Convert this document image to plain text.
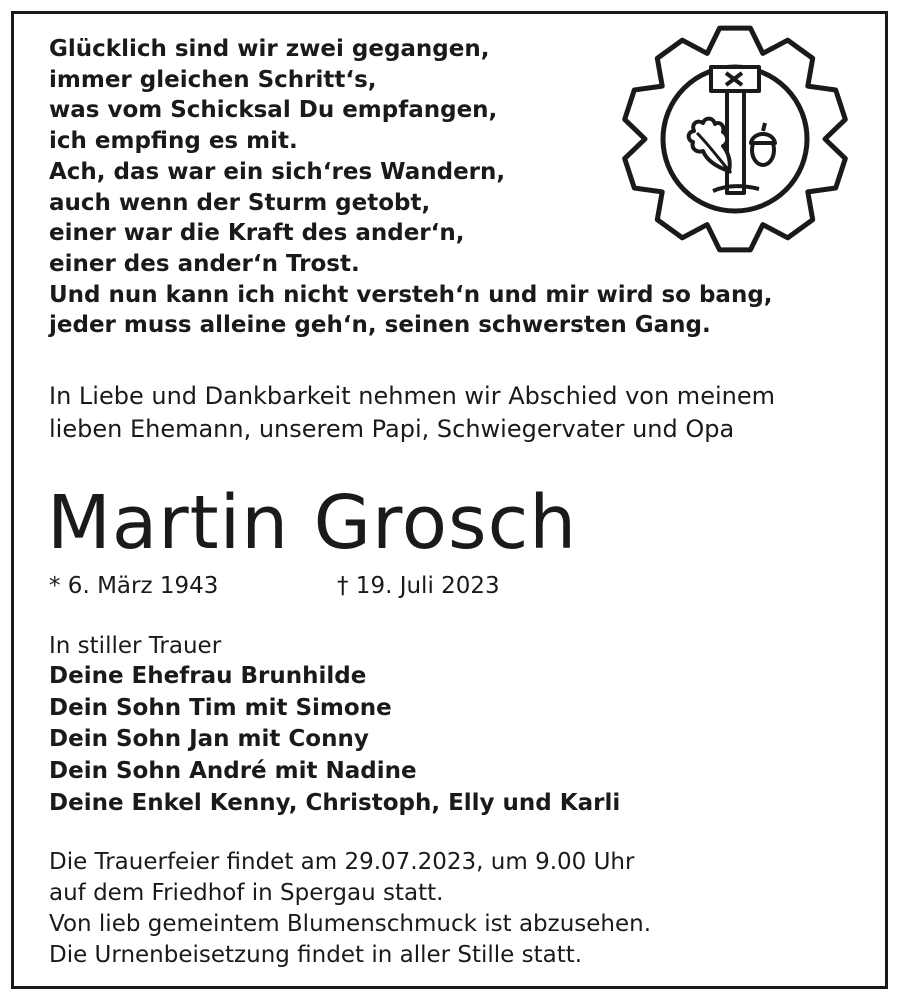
Glücklich sind wir zwei gegangen,
immer gleichen Schritt‘s,
was vom Schicksal Du empfangen,
ich empfing es mit.
Ach, das war ein sich‘res Wandern,
auch wenn der Sturm getobt,
einer war die Kraft des ander‘n,
einer des ander‘n Trost.
Und nun kann ich nicht versteh‘n und mir wird so bang,
jeder muss alleine geh‘n, seinen schwersten Gang.
In Liebe und Dankbarkeit nehmen wir Abschied von meinem
lieben Ehemann, unserem Papi, Schwiegervater und Opa
Martin Grosch
* 6. März 1943	† 19. Juli 2023
In stiller Trauer
Deine Ehefrau Brunhilde
Dein Sohn Tim mit Simone
Dein Sohn Jan mit Conny
Dein Sohn André mit Nadine
Deine Enkel Kenny, Christoph, Elly und Karli
Die Trauerfeier findet am 29.07.2023, um 9.00 Uhr
auf dem Friedhof in Spergau statt.
Von lieb gemeintem Blumenschmuck ist abzusehen.
Die Urnenbeisetzung findet in aller Stille statt.
